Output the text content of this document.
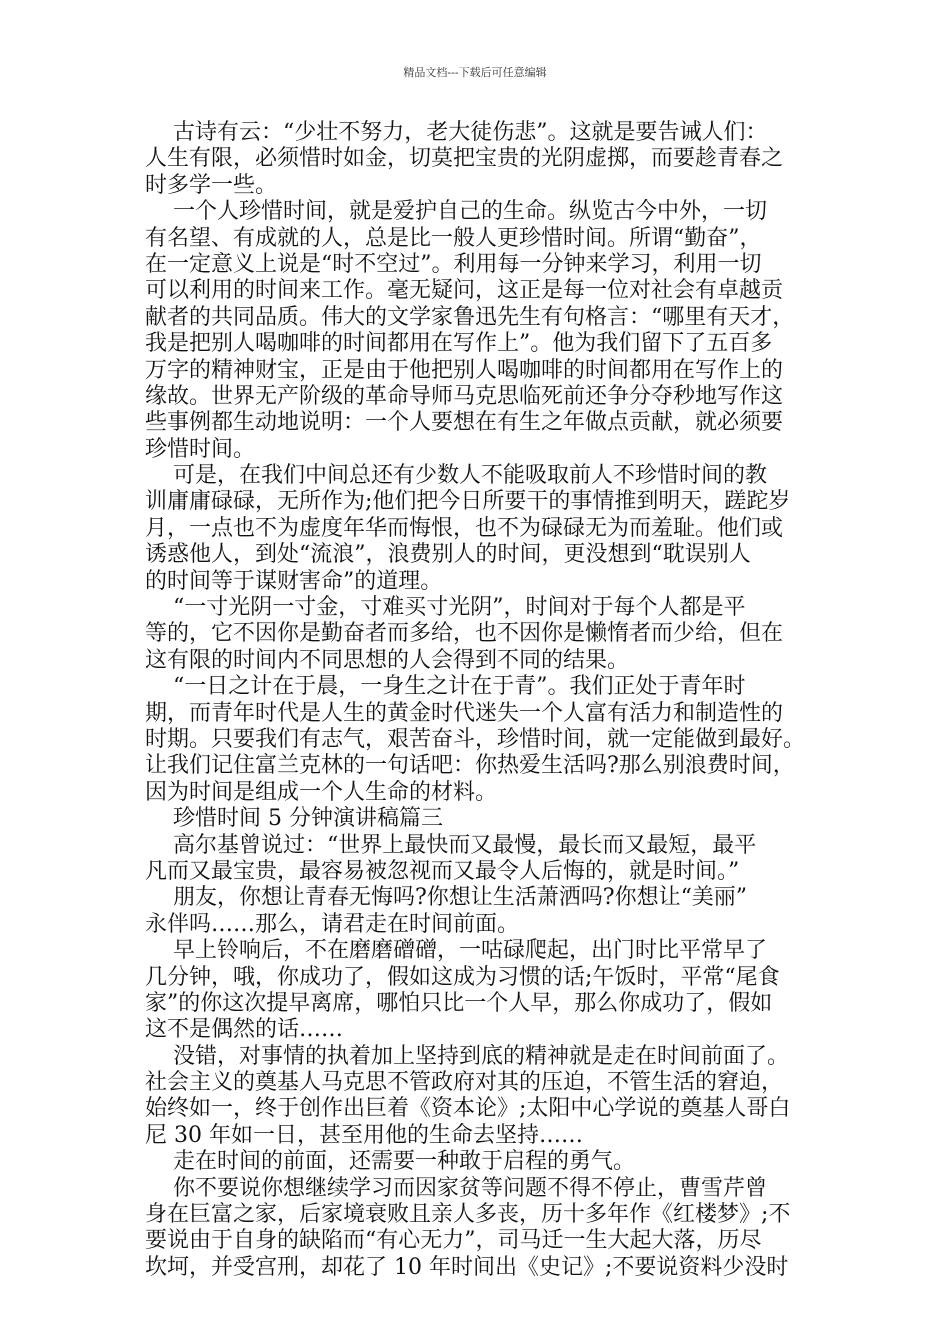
精品文档---下载后可任意编辑
古诗有云：“少壮不努力，老大徒伤悲”。这就是要告诫人们：
人生有限，必须惜时如金，切莫把宝贵的光阴虚掷，而要趁青春之
时多学一些。
一个人珍惜时间，就是爱护自己的生命。纵览古今中外，一切
有名望、有成就的人，总是比一般人更珍惜时间。所谓“勤奋”，
在一定意义上说是“时不空过”。利用每一分钟来学习，利用一切
可以利用的时间来工作。毫无疑问，这正是每一位对社会有卓越贡
献者的共同品质。伟大的文学家鲁迅先生有句格言：“哪里有天才，
我是把别人喝咖啡的时间都用在写作上”。他为我们留下了五百多
万字的精神财宝，正是由于他把别人喝咖啡的时间都用在写作上的
缘故。世界无产阶级的革命导师马克思临死前还争分夺秒地写作这
些事例都生动地说明：一个人要想在有生之年做点贡献，就必须要
珍惜时间。
可是，在我们中间总还有少数人不能吸取前人不珍惜时间的教
训庸庸碌碌，无所作为;他们把今日所要干的事情推到明天，蹉跎岁
月，一点也不为虚度年华而悔恨，也不为碌碌无为而羞耻。他们或
诱惑他人，到处“流浪”，浪费别人的时间，更没想到“耽误别人
的时间等于谋财害命”的道理。
“一寸光阴一寸金，寸难买寸光阴”，时间对于每个人都是平
等的，它不因你是勤奋者而多给，也不因你是懒惰者而少给，但在
这有限的时间内不同思想的人会得到不同的结果。
“一日之计在于晨，一身生之计在于青”。我们正处于青年时
期，而青年时代是人生的黄金时代迷失一个人富有活力和制造性的
时期。只要我们有志气，艰苦奋斗，珍惜时间，就一定能做到最好。
让我们记住富兰克林的一句话吧：你热爱生活吗?那么别浪费时间，
因为时间是组成一个人生命的材料。
珍惜时间 5 分钟演讲稿篇三
高尔基曾说过：“世界上最快而又最慢，最长而又最短，最平
凡而又最宝贵，最容易被忽视而又最令人后悔的，就是时间。”
朋友，你想让青春无悔吗?你想让生活萧洒吗?你想让“美丽”
永伴吗……那么，请君走在时间前面。
早上铃响后，不在磨磨磳磳，一咕碌爬起，出门时比平常早了
几分钟，哦，你成功了，假如这成为习惯的话;午饭时，平常“尾食
家”的你这次提早离席，哪怕只比一个人早，那么你成功了，假如
这不是偶然的话……
没错，对事情的执着加上坚持到底的精神就是走在时间前面了。
社会主义的奠基人马克思不管政府对其的压迫，不管生活的窘迫，
始终如一，终于创作出巨着《资本论》;太阳中心学说的奠基人哥白
尼 30 年如一日，甚至用他的生命去坚持……
走在时间的前面，还需要一种敢于启程的勇气。
你不要说你想继续学习而因家贫等问题不得不停止，曹雪芹曾
身在巨富之家，后家境衰败且亲人多丧，历十多年作《红楼梦》;不
要说由于自身的缺陷而“有心无力”，司马迁一生大起大落，历尽
坎坷，并受宫刑，却花了 10 年时间出《史记》;不要说资料少没时
